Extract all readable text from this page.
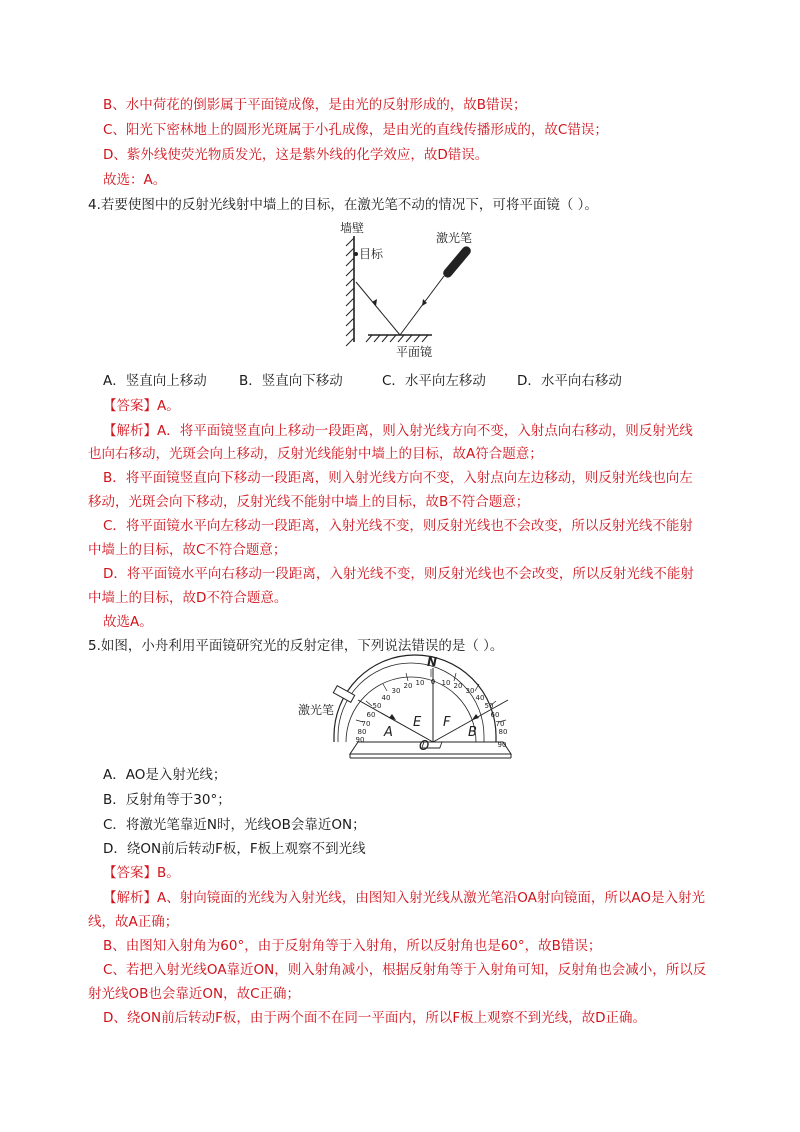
B、水中荷花的倒影属于平面镜成像，是由光的反射形成的，故B错误；
C、阳光下密林地上的圆形光斑属于小孔成像，是由光的直线传播形成的，故C错误；
D、紫外线使荧光物质发光，这是紫外线的化学效应，故D错误。
故选：A。
4.若要使图中的反射光线射中墙上的目标，在激光笔不动的情况下，可将平面镜（ ）。
墙壁
目标
激光笔
平面镜
A．竖直向上移动 B．竖直向下移动	C．水平向左移动 D．水平向右移动
【答案】A。
【解析】A．将平面镜竖直向上移动一段距离，则入射光线方向不变，入射点向右移动，则反射光线
也向右移动，光斑会向上移动，反射光线能射中墙上的目标，故A符合题意；
B．将平面镜竖直向下移动一段距离，则入射光线方向不变，入射点向左边移动，则反射光线也向左
移动，光斑会向下移动，反射光线不能射中墙上的目标，故B不符合题意；
C．将平面镜水平向左移动一段距离，入射光线不变，则反射光线也不会改变，所以反射光线不能射
中墙上的目标，故C不符合题意；
D．将平面镜水平向右移动一段距离，入射光线不变，则反射光线也不会改变，所以反射光线不能射
中墙上的目标，故D不符合题意。
故选A。
5.如图，小舟利用平面镜研究光的反射定律，下列说法错误的是（ ）。
激光笔
N
E F
A	B
O
0
10 10
20	20
30	30
40	40
50	50
60	60
70	70
80	80
90
90
A．AO是入射光线；
B．反射角等于30°；
C．将激光笔靠近N时，光线OB会靠近ON；
D．绕ON前后转动F板，F板上观察不到光线
【答案】B。
【解析】A、射向镜面的光线为入射光线，由图知入射光线从激光笔沿OA射向镜面，所以AO是入射光
线，故A正确；
B、由图知入射角为60°，由于反射角等于入射角，所以反射角也是60°，故B错误；
C、若把入射光线OA靠近ON，则入射角减小，根据反射角等于入射角可知，反射角也会减小，所以反
射光线OB也会靠近ON，故C正确；
D、绕ON前后转动F板，由于两个面不在同一平面内，所以F板上观察不到光线，故D正确。
